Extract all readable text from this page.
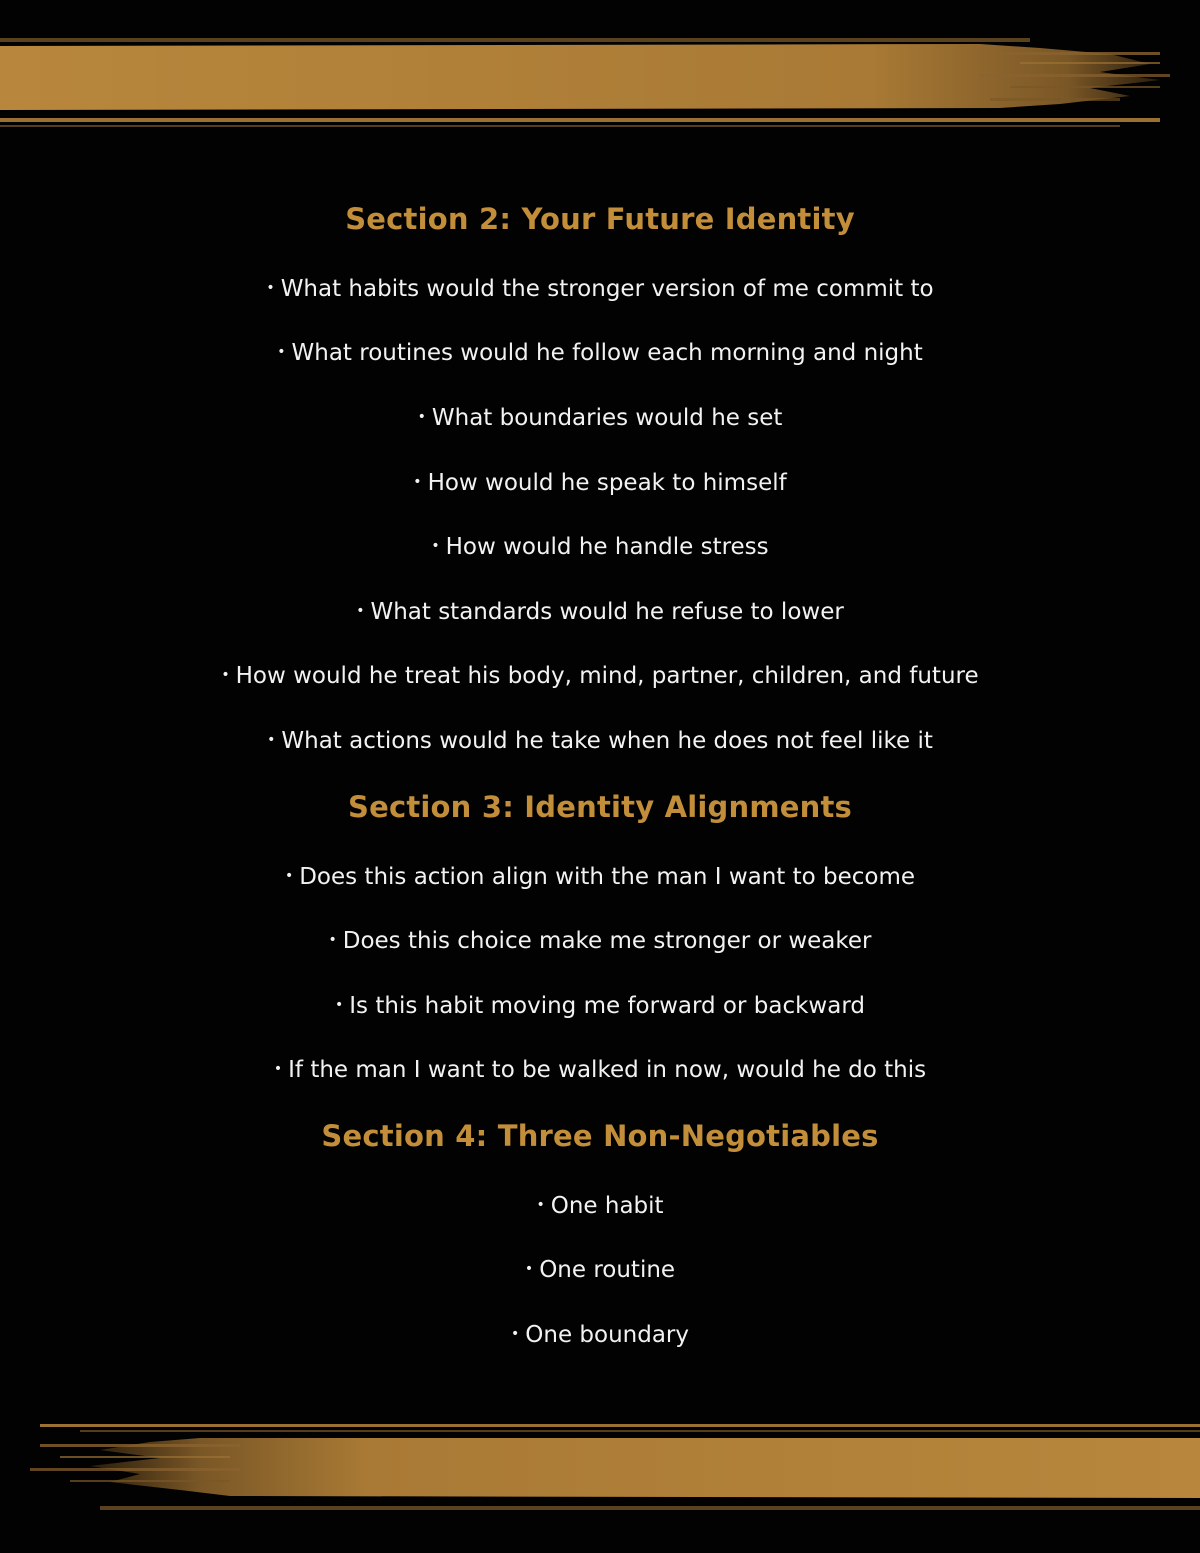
Section 2: Your Future Identity

• What habits would the stronger version of me commit to

• What routines would he follow each morning and night

• What boundaries would he set

• How would he speak to himself

• How would he handle stress

• What standards would he refuse to lower

• How would he treat his body, mind, partner, children, and future

• What actions would he take when he does not feel like it

Section 3: Identity Alignments

• Does this action align with the man I want to become

• Does this choice make me stronger or weaker

• Is this habit moving me forward or backward

• If the man I want to be walked in now, would he do this

Section 4: Three Non-Negotiables

• One habit

• One routine

• One boundary
